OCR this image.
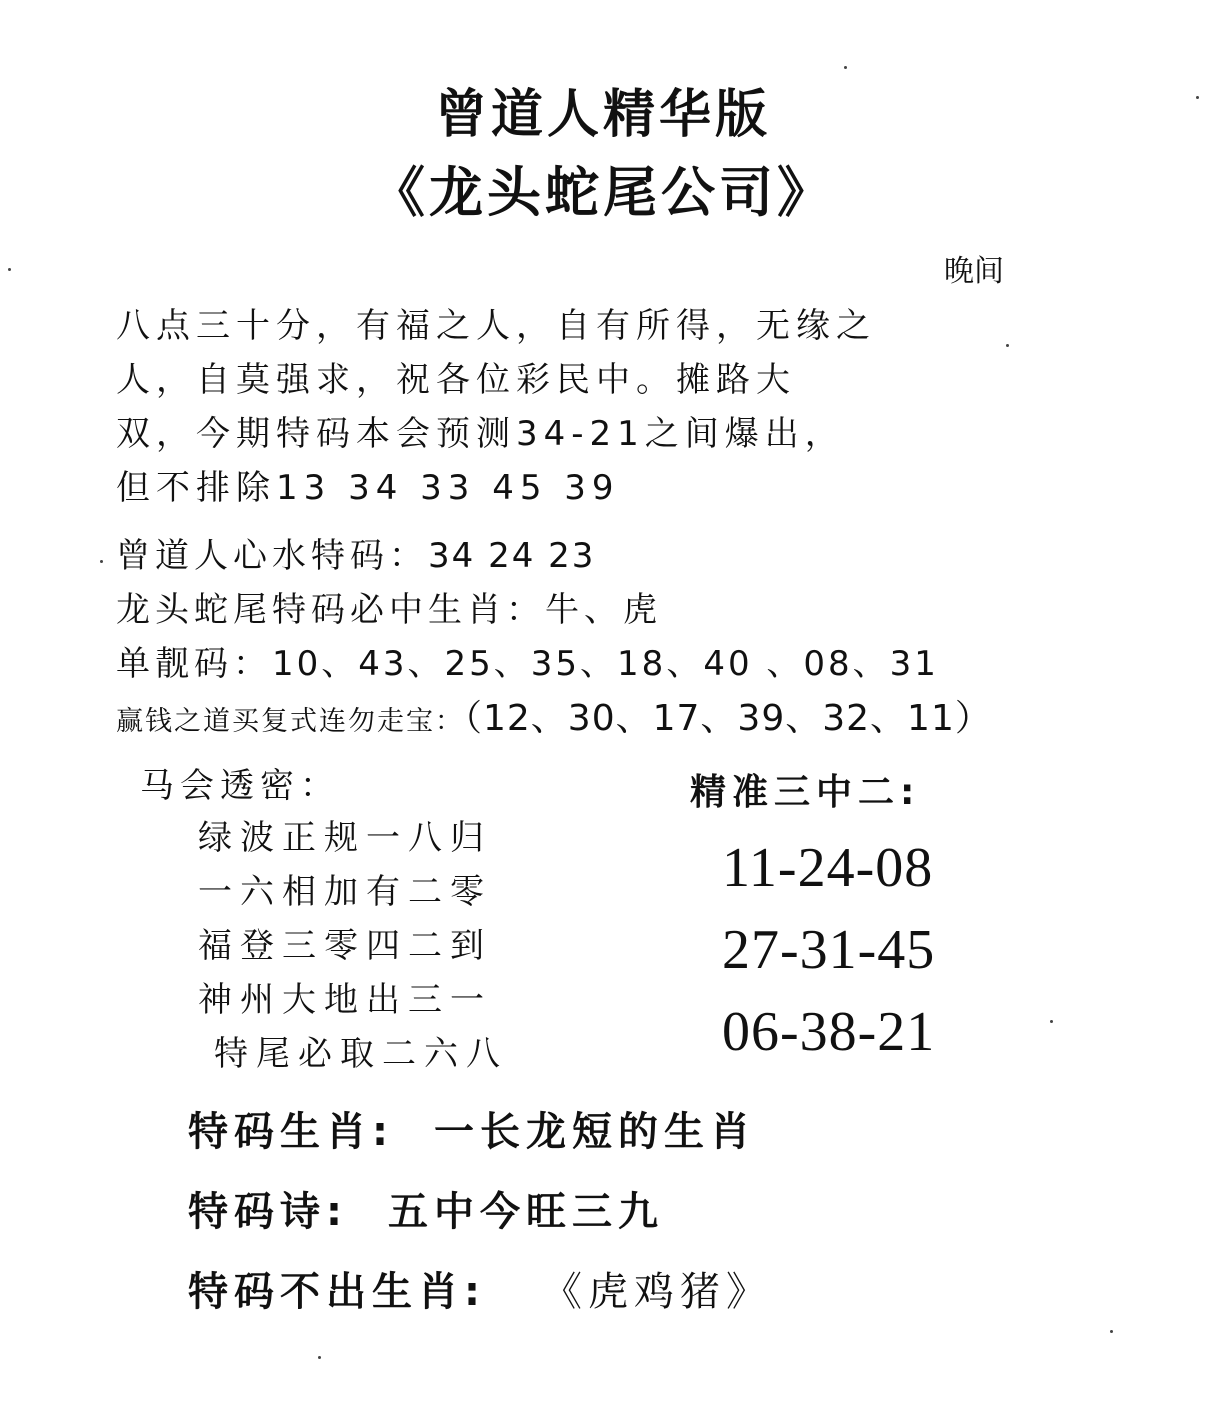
曾道人精华版
《龙头蛇尾公司》
晚间
八点三十分，有福之人，自有所得，无缘之
人，自莫强求，祝各位彩民中。摊路大
双，今期特码本会预测34-21之间爆出，
但不排除13 34 33 45 39
曾道人心水特码：34 24 23
龙头蛇尾特码必中生肖：牛、虎
单靓码：10、43、25、35、18、40 、08、31
赢钱之道买复式连勿走宝：（12、30、17、39、32、11）
马会透密：	精准三中二:
绿波正规一八归
一六相加有二零
福登三零四二到
神州大地出三一
特尾必取二六八
11-24-08
27-31-45
06-38-21
特码生肖: 一长龙短的生肖
特码诗: 五中今旺三九
特码不出生肖: 《虎鸡猪》
